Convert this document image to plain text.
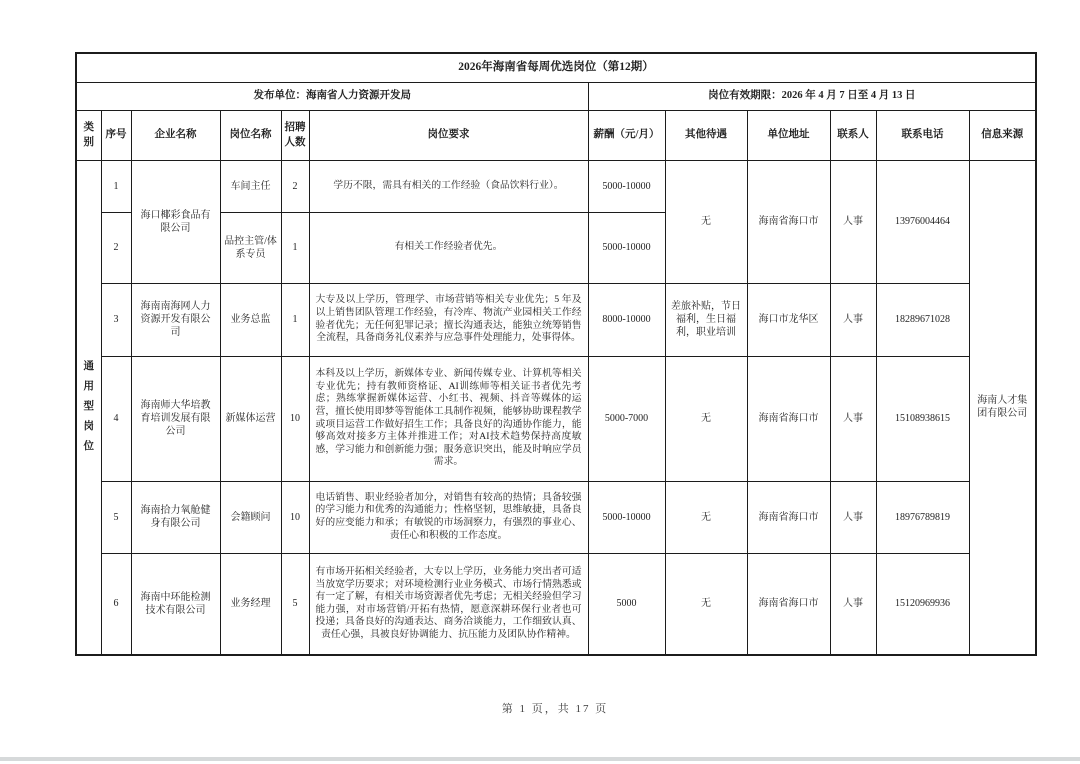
2026年海南省每周优选岗位（第12期）											
发布单位：海南省人力资源开发局						岗位有效期限：2026 年 4 月 7 日至 4 月 13 日					
类别	序号	企业名称	岗位名称	招聘人数	岗位要求	薪酬（元/月）	其他待遇	单位地址	联系人	联系电话	信息来源
通用型岗位	1	海口椰彩食品有限公司	车间主任	2	学历不限，需具有相关的工作经验（食品饮料行业）。	5000-10000	无	海南省海口市	人事	13976004464	海南人才集团有限公司
	2		品控主管/体系专员	1	有相关工作经验者优先。	5000-10000					
	3	海南南海网人力资源开发有限公司	业务总监	1	大专及以上学历，管理学、市场营销等相关专业优先；5 年及以上销售团队管理工作经验，有冷库、物流产业园相关工作经验者优先；无任何犯罪记录；擅长沟通表达，能独立统筹销售全流程，具备商务礼仪素养与应急事件处理能力，处事得体。	8000-10000	差旅补贴，节日福利，生日福利，职业培训	海口市龙华区	人事	18289671028	
	4	海南师大华培教育培训发展有限公司	新媒体运营	10	本科及以上学历，新媒体专业、新闻传媒专业、计算机等相关专业优先；持有教师资格证、AI训练师等相关证书者优先考虑；熟练掌握新媒体运营、小红书、视频、抖音等媒体的运营，擅长使用即梦等智能体工具制作视频，能够协助课程教学或项目运营工作做好招生工作；具备良好的沟通协作能力，能够高效对接多方主体并推进工作；对AI技术趋势保持高度敏感，学习能力和创新能力强；服务意识突出，能及时响应学员需求。	5000-7000	无	海南省海口市	人事	15108938615	
	5	海南拾力氧舱健身有限公司	会籍顾问	10	电话销售、职业经验者加分，对销售有较高的热情；具备较强的学习能力和优秀的沟通能力；性格坚韧，思维敏捷，具备良好的应变能力和承；有敏锐的市场洞察力，有强烈的事业心、责任心和积极的工作态度。	5000-10000	无	海南省海口市	人事	18976789819	
	6	海南中环能检测技术有限公司	业务经理	5	有市场开拓相关经验者，大专以上学历，业务能力突出者可适当放宽学历要求；对环境检测行业业务模式、市场行情熟悉或有一定了解，有相关市场资源者优先考虑；无相关经验但学习能力强，对市场营销/开拓有热情，愿意深耕环保行业者也可投递；具备良好的沟通表达、商务洽谈能力，工作细致认真、责任心强，具被良好协调能力、抗压能力及团队协作精神。	5000	无	海南省海口市	人事	15120969936	
第 1 页，共 17 页
